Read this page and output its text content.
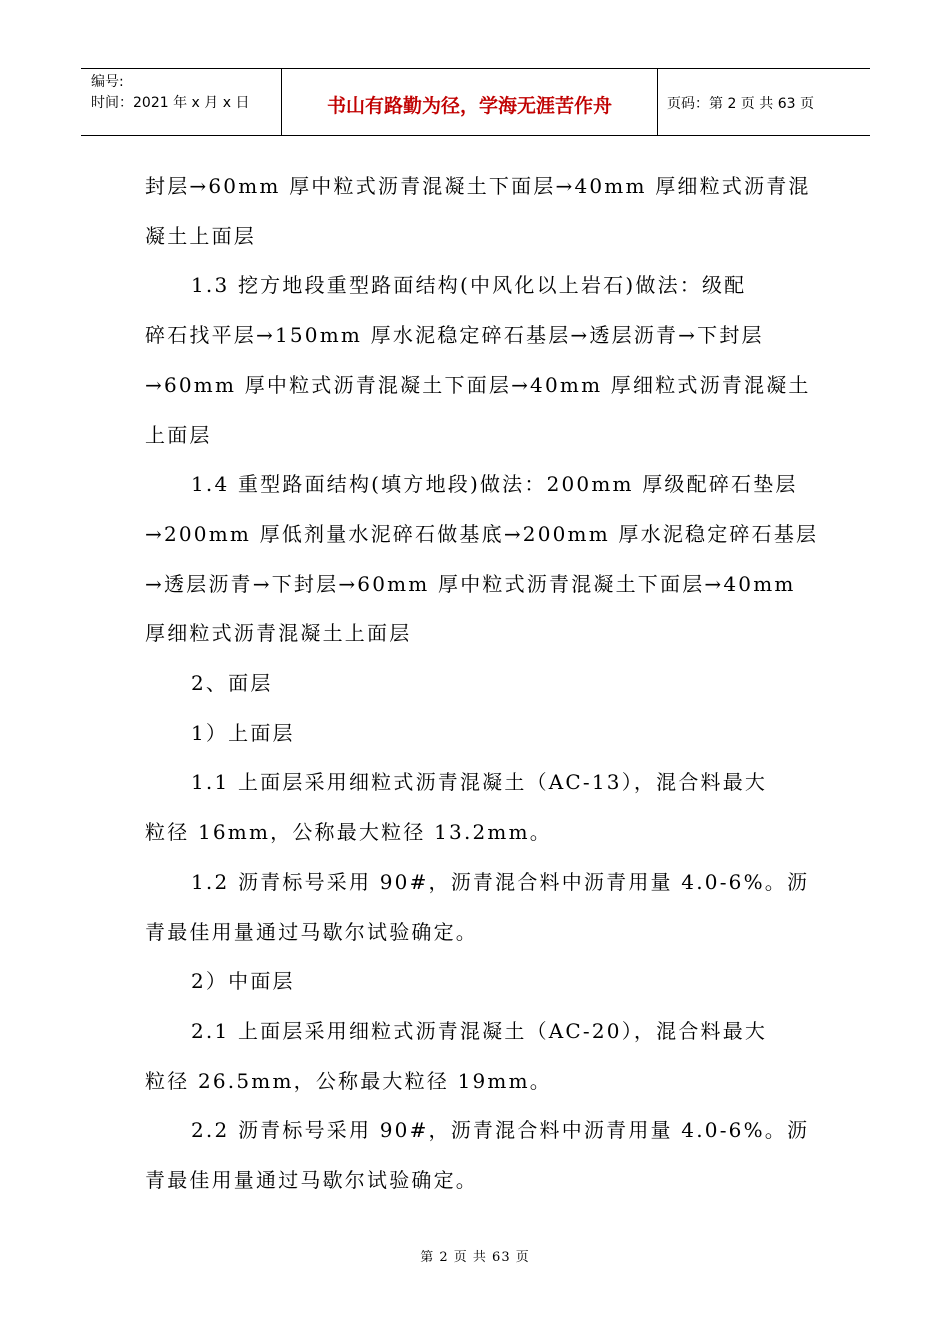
编号:
时间：2021 年 x 月 x 日	书山有路勤为径，学海无涯苦作舟	页码：第 2 页 共 63 页

封层→60mm 厚中粒式沥青混凝土下面层→40mm 厚细粒式沥青混

凝土上面层

1.3 挖方地段重型路面结构(中风化以上岩石)做法：级配

碎石找平层→150mm 厚水泥稳定碎石基层→透层沥青→下封层

→60mm 厚中粒式沥青混凝土下面层→40mm 厚细粒式沥青混凝土

上面层

1.4 重型路面结构(填方地段)做法：200mm 厚级配碎石垫层

→200mm 厚低剂量水泥碎石做基底→200mm 厚水泥稳定碎石基层

→透层沥青→下封层→60mm 厚中粒式沥青混凝土下面层→40mm

厚细粒式沥青混凝土上面层

2、面层

1）上面层

1.1 上面层采用细粒式沥青混凝土（AC-13），混合料最大

粒径 16mm，公称最大粒径 13.2mm。

1.2 沥青标号采用 90#，沥青混合料中沥青用量 4.0-6%。沥

青最佳用量通过马歇尔试验确定。

2）中面层

2.1 上面层采用细粒式沥青混凝土（AC-20），混合料最大

粒径 26.5mm，公称最大粒径 19mm。

2.2 沥青标号采用 90#，沥青混合料中沥青用量 4.0-6%。沥

青最佳用量通过马歇尔试验确定。

第 2 页 共 63 页
